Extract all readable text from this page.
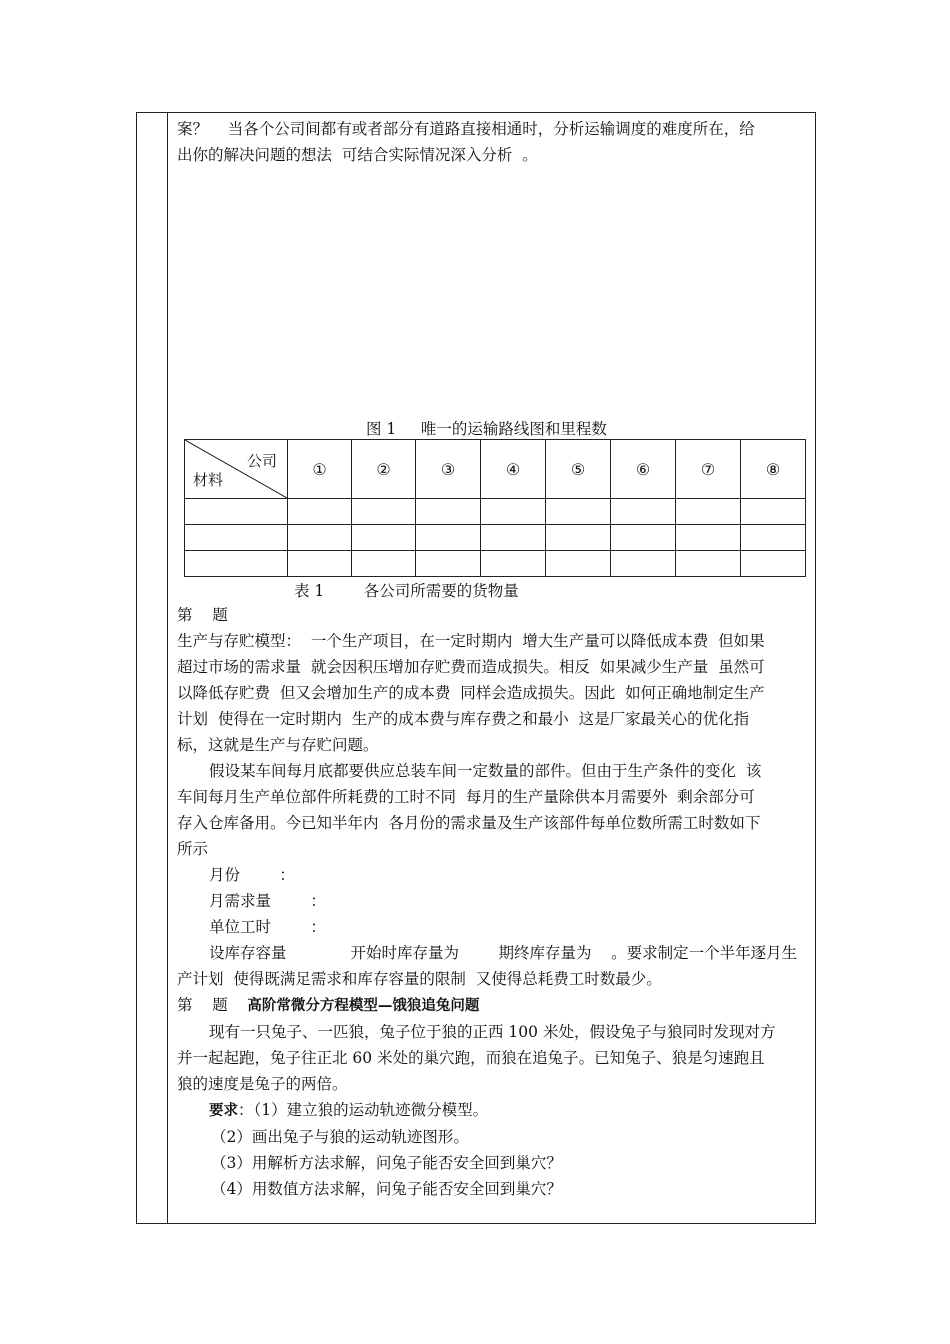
案？    当各个公司间都有或者部分有道路直接相通时，分析运输调度的难度所在，给
出你的解决问题的想法  可结合实际情况深入分析  。
图 1     唯一的运输路线图和里程数
公司
材料	①	②	③	④	⑤	⑥	⑦	⑧

表 1        各公司所需要的货物量
第    题
生产与存贮模型：  一个生产项目，在一定时期内  增大生产量可以降低成本费  但如果
超过市场的需求量  就会因积压增加存贮费而造成损失。相反  如果减少生产量  虽然可
以降低存贮费  但又会增加生产的成本费  同样会造成损失。因此  如何正确地制定生产
计划  使得在一定时期内  生产的成本费与库存费之和最小  这是厂家最关心的优化指
标，这就是生产与存贮问题。
假设某车间每月底都要供应总装车间一定数量的部件。但由于生产条件的变化  该
车间每月生产单位部件所耗费的工时不同  每月的生产量除供本月需要外  剩余部分可
存入仓库备用。今已知半年内  各月份的需求量及生产该部件每单位数所需工时数如下
所示
月份        ：
月需求量        ：
单位工时        ：
设库存容量             开始时库存量为        期终库存量为    。要求制定一个半年逐月生
产计划  使得既满足需求和库存容量的限制  又使得总耗费工时数最少。
第    题    高阶常微分方程模型—饿狼追兔问题
现有一只兔子、一匹狼，兔子位于狼的正西 100 米处，假设兔子与狼同时发现对方
并一起起跑，兔子往正北 60 米处的巢穴跑，而狼在追兔子。已知兔子、狼是匀速跑且
狼的速度是兔子的两倍。
要求：（1）建立狼的运动轨迹微分模型。
（2）画出兔子与狼的运动轨迹图形。
（3）用解析方法求解，问兔子能否安全回到巢穴？
（4）用数值方法求解，问兔子能否安全回到巢穴？
